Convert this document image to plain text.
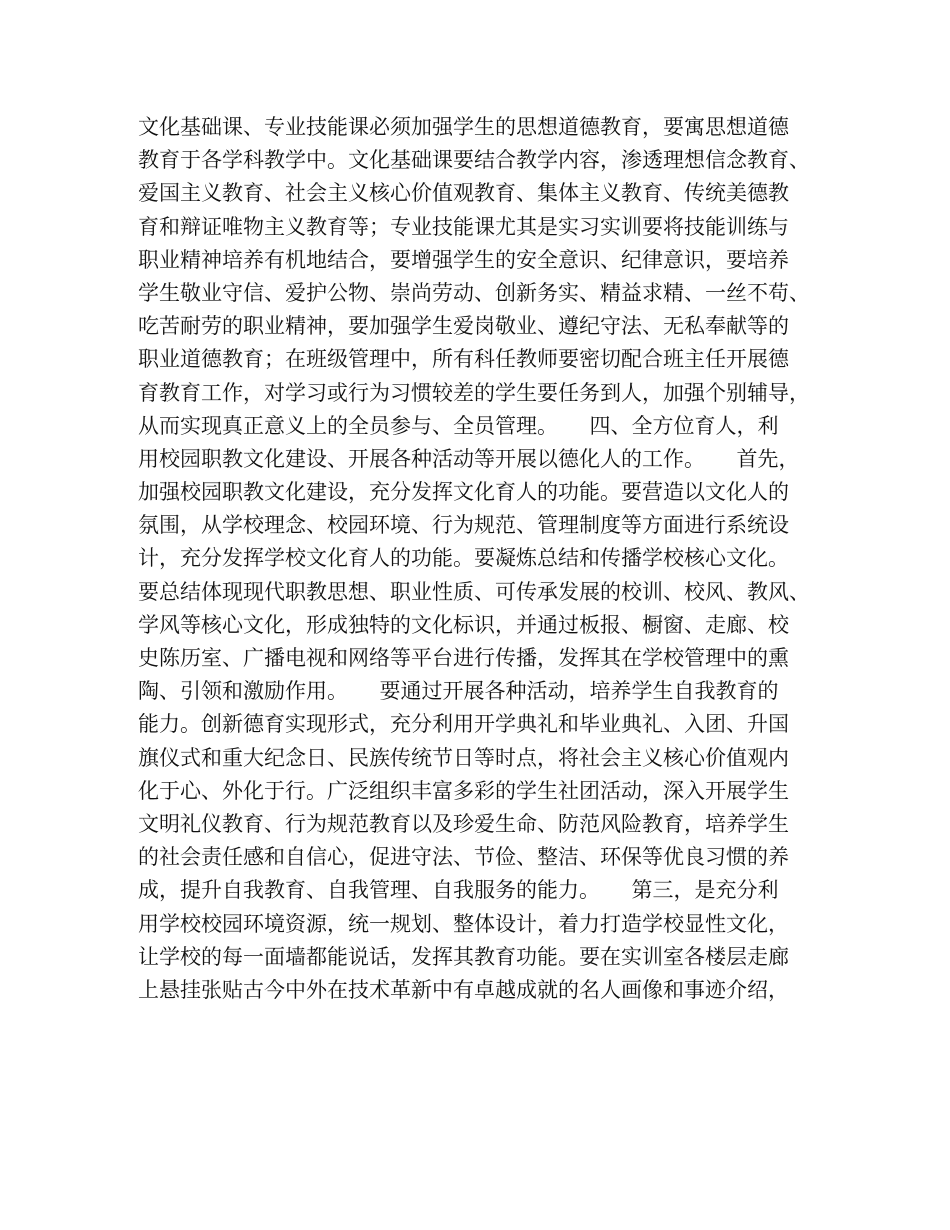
文化基础课、专业技能课必须加强学生的思想道德教育，要寓思想道德
教育于各学科教学中。文化基础课要结合教学内容，渗透理想信念教育、
爱国主义教育、社会主义核心价值观教育、集体主义教育、传统美德教
育和辩证唯物主义教育等；专业技能课尤其是实习实训要将技能训练与
职业精神培养有机地结合，要增强学生的安全意识、纪律意识，要培养
学生敬业守信、爱护公物、崇尚劳动、创新务实、精益求精、一丝不苟、
吃苦耐劳的职业精神，要加强学生爱岗敬业、遵纪守法、无私奉献等的
职业道德教育；在班级管理中，所有科任教师要密切配合班主任开展德
育教育工作，对学习或行为习惯较差的学生要任务到人，加强个别辅导，
从而实现真正意义上的全员参与、全员管理。　　四、全方位育人，利
用校园职教文化建设、开展各种活动等开展以德化人的工作。　　首先，
加强校园职教文化建设，充分发挥文化育人的功能。要营造以文化人的
氛围，从学校理念、校园环境、行为规范、管理制度等方面进行系统设
计，充分发挥学校文化育人的功能。要凝炼总结和传播学校核心文化。
要总结体现现代职教思想、职业性质、可传承发展的校训、校风、教风、
学风等核心文化，形成独特的文化标识，并通过板报、橱窗、走廊、校
史陈历室、广播电视和网络等平台进行传播，发挥其在学校管理中的熏
陶、引领和激励作用。　　要通过开展各种活动，培养学生自我教育的
能力。创新德育实现形式，充分利用开学典礼和毕业典礼、入团、升国
旗仪式和重大纪念日、民族传统节日等时点，将社会主义核心价值观内
化于心、外化于行。广泛组织丰富多彩的学生社团活动，深入开展学生
文明礼仪教育、行为规范教育以及珍爱生命、防范风险教育，培养学生
的社会责任感和自信心，促进守法、节俭、整洁、环保等优良习惯的养
成，提升自我教育、自我管理、自我服务的能力。　　第三，是充分利
用学校校园环境资源，统一规划、整体设计，着力打造学校显性文化，
让学校的每一面墙都能说话，发挥其教育功能。要在实训室各楼层走廊
上悬挂张贴古今中外在技术革新中有卓越成就的名人画像和事迹介绍，
